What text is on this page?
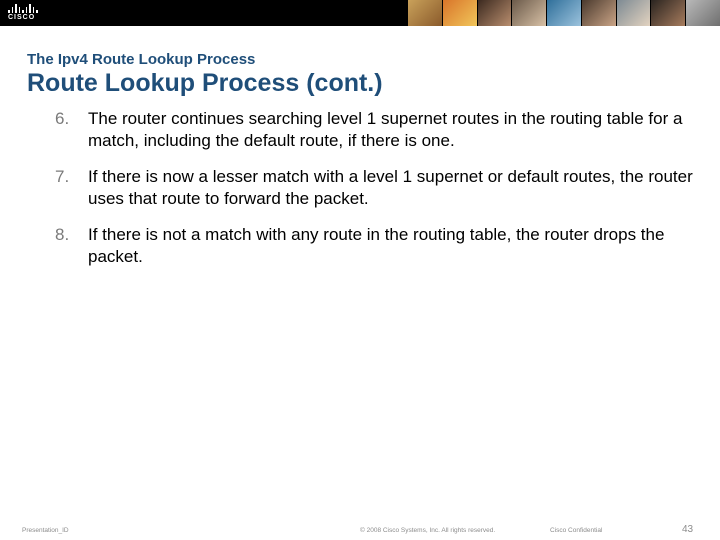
CISCO
The Ipv4 Route Lookup Process
Route Lookup Process (cont.)
6.	The router continues searching level 1 supernet routes in the routing table for a match, including the default route, if there is one.
7.	If there is now a lesser match with a level 1 supernet or default routes, the router uses that route to forward the packet.
8.	If there is not a match with any route in the routing table, the router drops the packet.
Presentation_ID	© 2008 Cisco Systems, Inc. All rights reserved.	Cisco Confidential	43
